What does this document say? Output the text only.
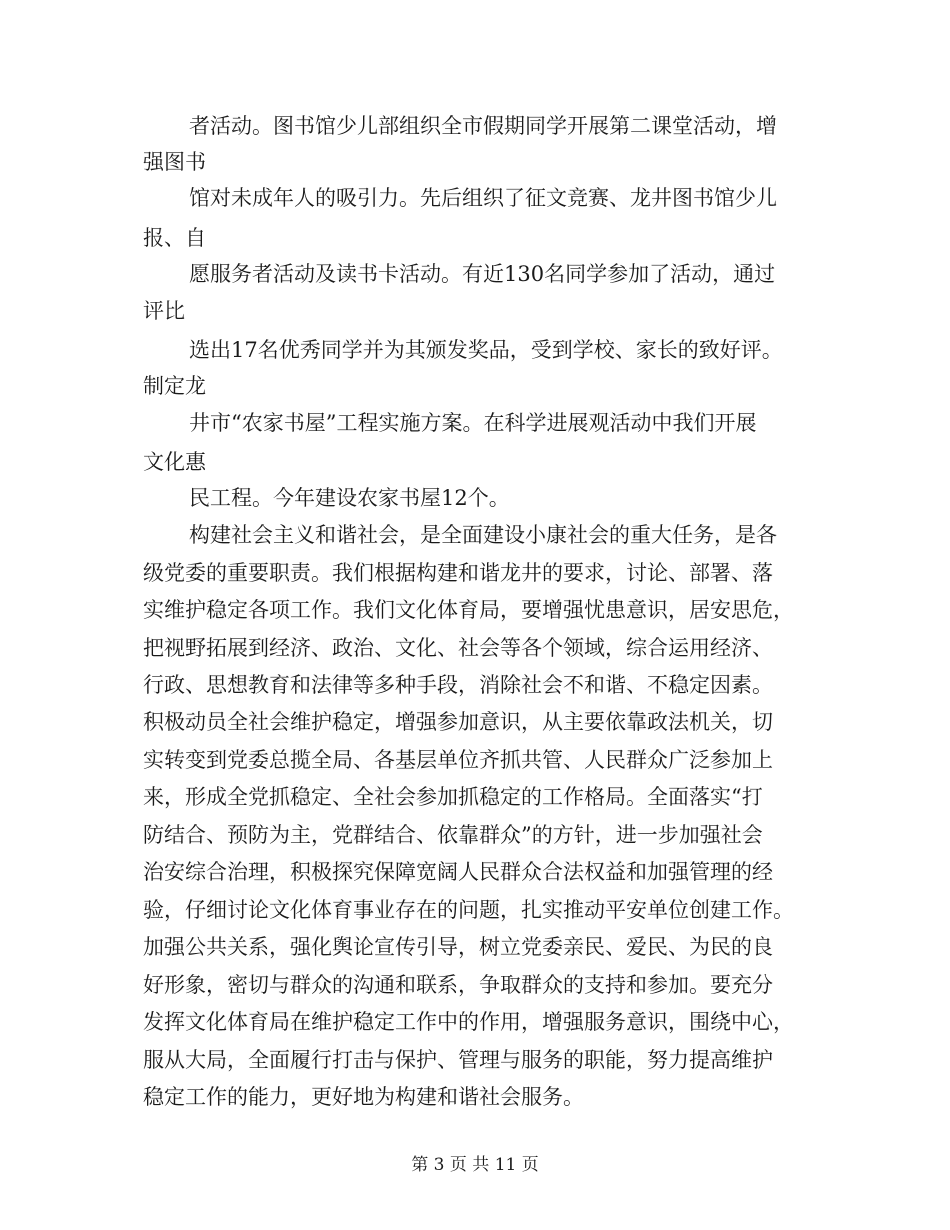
者活动。图书馆少儿部组织全市假期同学开展第二课堂活动，增
强图书
馆对未成年人的吸引力。先后组织了征文竞赛、龙井图书馆少儿
报、自
愿服务者活动及读书卡活动。有近130名同学参加了活动，通过
评比
选出17名优秀同学并为其颁发奖品，受到学校、家长的致好评。
制定龙
井市“农家书屋”工程实施方案。在科学进展观活动中我们开展
文化惠
民工程。今年建设农家书屋12个。
构建社会主义和谐社会，是全面建设小康社会的重大任务，是各
级党委的重要职责。我们根据构建和谐龙井的要求，讨论、部署、落
实维护稳定各项工作。我们文化体育局，要增强忧患意识，居安思危，
把视野拓展到经济、政治、文化、社会等各个领域，综合运用经济、
行政、思想教育和法律等多种手段，消除社会不和谐、不稳定因素。
积极动员全社会维护稳定，增强参加意识，从主要依靠政法机关，切
实转变到党委总揽全局、各基层单位齐抓共管、人民群众广泛参加上
来，形成全党抓稳定、全社会参加抓稳定的工作格局。全面落实“打
防结合、预防为主，党群结合、依靠群众”的方针，进一步加强社会
治安综合治理，积极探究保障宽阔人民群众合法权益和加强管理的经
验，仔细讨论文化体育事业存在的问题，扎实推动平安单位创建工作。
加强公共关系，强化舆论宣传引导，树立党委亲民、爱民、为民的良
好形象，密切与群众的沟通和联系，争取群众的支持和参加。要充分
发挥文化体育局在维护稳定工作中的作用，增强服务意识，围绕中心，
服从大局，全面履行打击与保护、管理与服务的职能，努力提高维护
稳定工作的能力，更好地为构建和谐社会服务。
第 3 页 共 11 页
